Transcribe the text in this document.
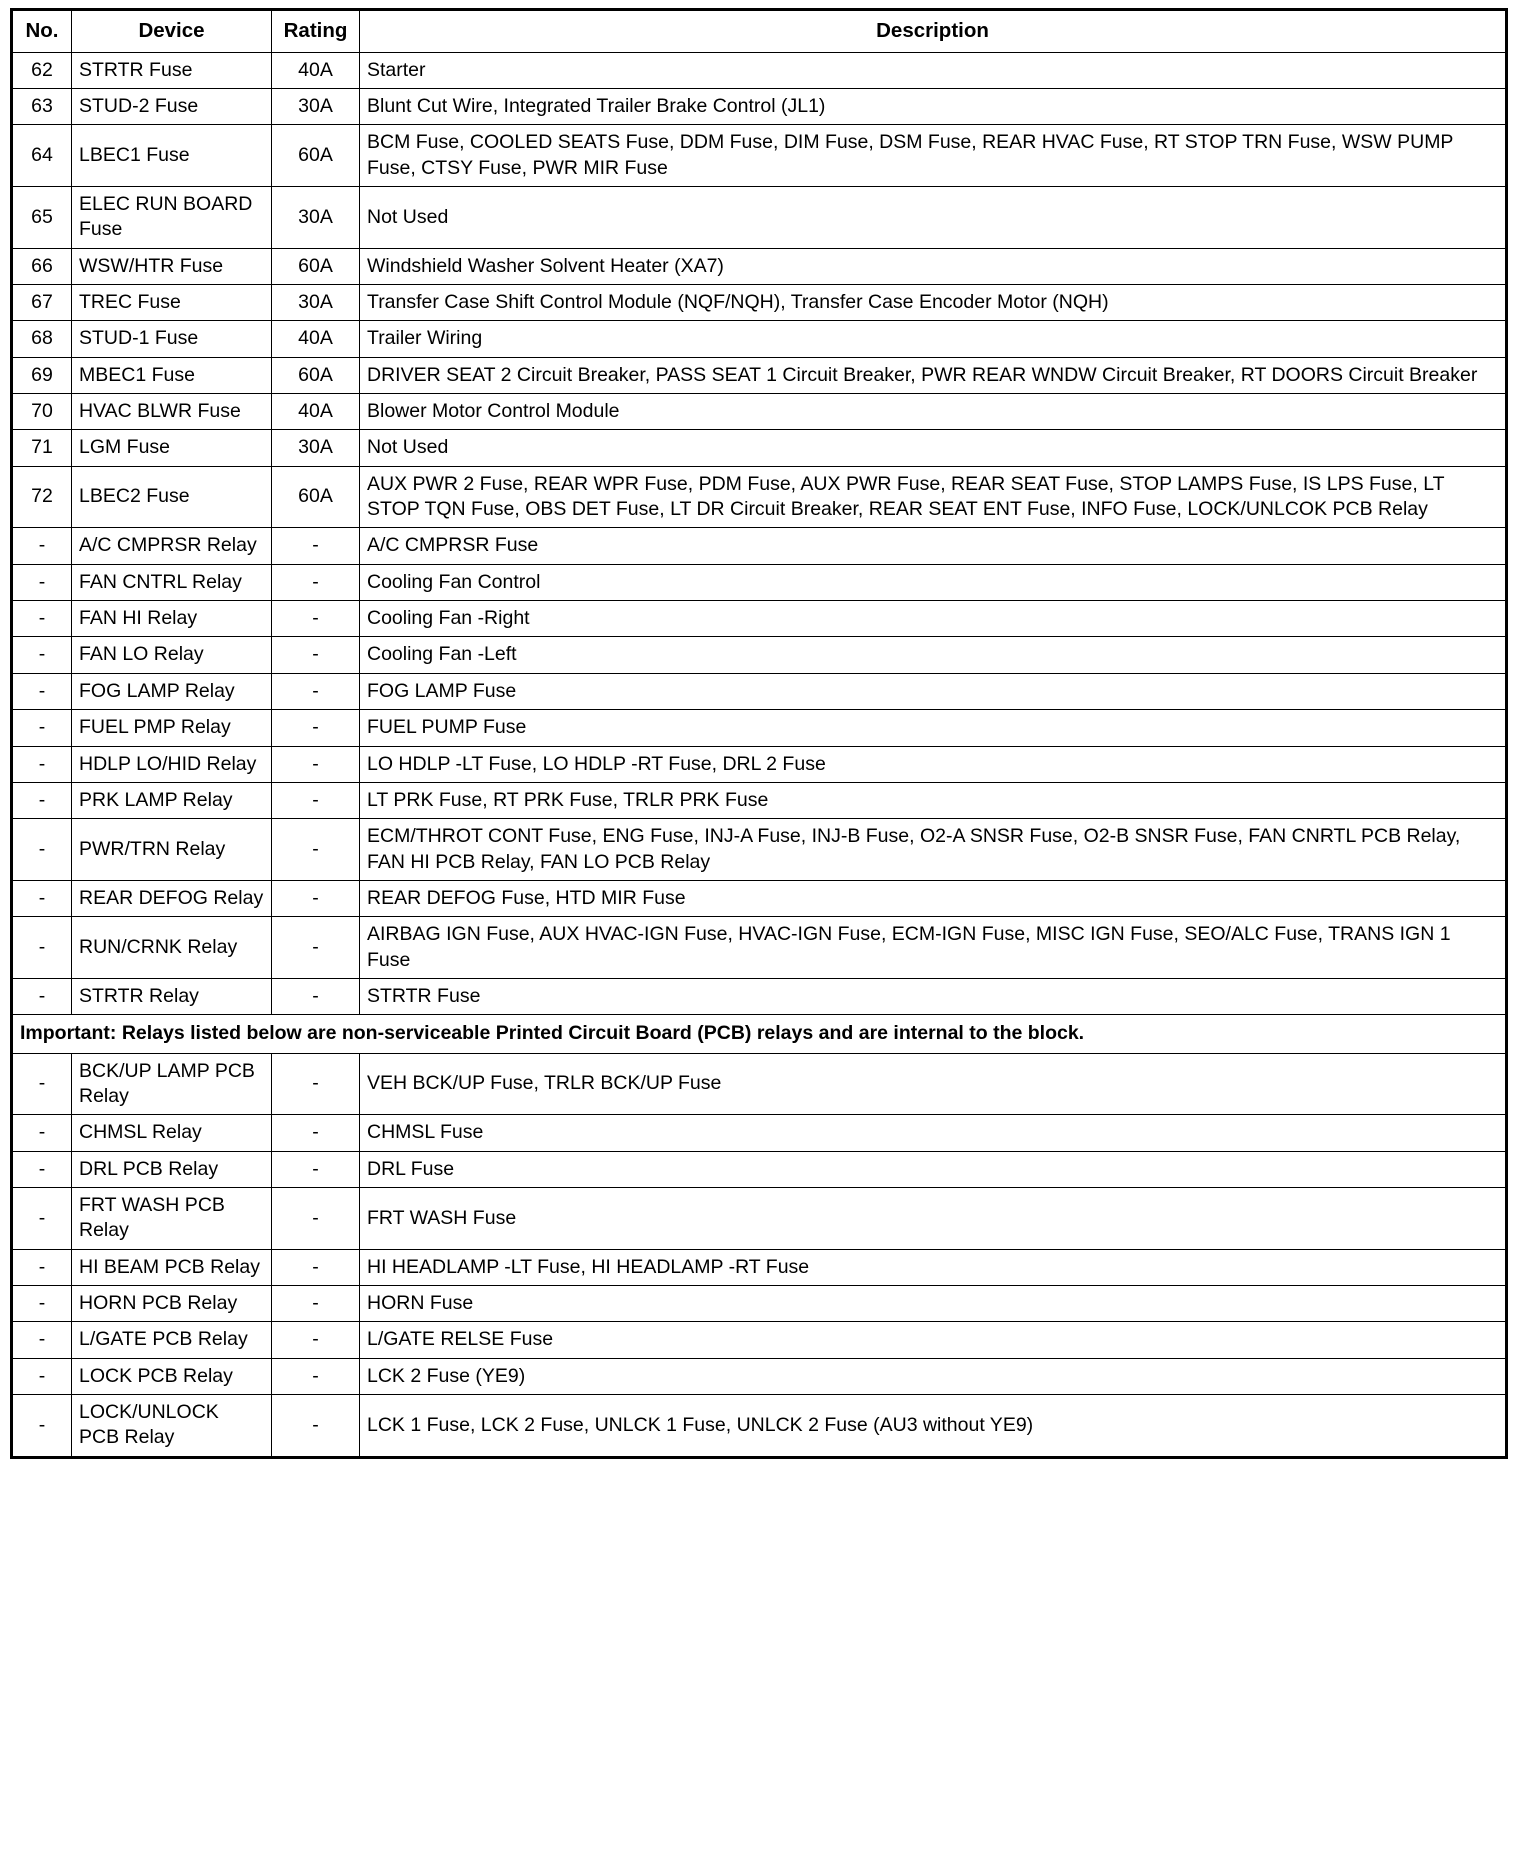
No.	Device	Rating	Description
62	STRTR Fuse	40A	Starter
63	STUD-2 Fuse	30A	Blunt Cut Wire, Integrated Trailer Brake Control (JL1)
64	LBEC1 Fuse	60A	BCM Fuse, COOLED SEATS Fuse, DDM Fuse, DIM Fuse, DSM Fuse, REAR HVAC Fuse, RT STOP TRN Fuse, WSW PUMP Fuse, CTSY Fuse, PWR MIR Fuse
65	ELEC RUN BOARD Fuse	30A	Not Used
66	WSW/HTR Fuse	60A	Windshield Washer Solvent Heater (XA7)
67	TREC Fuse	30A	Transfer Case Shift Control Module (NQF/NQH), Transfer Case Encoder Motor (NQH)
68	STUD-1 Fuse	40A	Trailer Wiring
69	MBEC1 Fuse	60A	DRIVER SEAT 2 Circuit Breaker, PASS SEAT 1 Circuit Breaker, PWR REAR WNDW Circuit Breaker, RT DOORS Circuit Breaker
70	HVAC BLWR Fuse	40A	Blower Motor Control Module
71	LGM Fuse	30A	Not Used
72	LBEC2 Fuse	60A	AUX PWR 2 Fuse, REAR WPR Fuse, PDM Fuse, AUX PWR Fuse, REAR SEAT Fuse, STOP LAMPS Fuse, IS LPS Fuse, LT STOP TQN Fuse, OBS DET Fuse, LT DR Circuit Breaker, REAR SEAT ENT Fuse, INFO Fuse, LOCK/UNLCOK PCB Relay
-	A/C CMPRSR Relay	-	A/C CMPRSR Fuse
-	FAN CNTRL Relay	-	Cooling Fan Control
-	FAN HI Relay	-	Cooling Fan -Right
-	FAN LO Relay	-	Cooling Fan -Left
-	FOG LAMP Relay	-	FOG LAMP Fuse
-	FUEL PMP Relay	-	FUEL PUMP Fuse
-	HDLP LO/HID Relay	-	LO HDLP -LT Fuse, LO HDLP -RT Fuse, DRL 2 Fuse
-	PRK LAMP Relay	-	LT PRK Fuse, RT PRK Fuse, TRLR PRK Fuse
-	PWR/TRN Relay	-	ECM/THROT CONT Fuse, ENG Fuse, INJ-A Fuse, INJ-B Fuse, O2-A SNSR Fuse, O2-B SNSR Fuse, FAN CNRTL PCB Relay, FAN HI PCB Relay, FAN LO PCB Relay
-	REAR DEFOG Relay	-	REAR DEFOG Fuse, HTD MIR Fuse
-	RUN/CRNK Relay	-	AIRBAG IGN Fuse, AUX HVAC-IGN Fuse, HVAC-IGN Fuse, ECM-IGN Fuse, MISC IGN Fuse, SEO/ALC Fuse, TRANS IGN 1 Fuse
-	STRTR Relay	-	STRTR Fuse
Important: Relays listed below are non-serviceable Printed Circuit Board (PCB) relays and are internal to the block.			
-	BCK/UP LAMP PCB Relay	-	VEH BCK/UP Fuse, TRLR BCK/UP Fuse
-	CHMSL Relay	-	CHMSL Fuse
-	DRL PCB Relay	-	DRL Fuse
-	FRT WASH PCB Relay	-	FRT WASH Fuse
-	HI BEAM PCB Relay	-	HI HEADLAMP -LT Fuse, HI HEADLAMP -RT Fuse
-	HORN PCB Relay	-	HORN Fuse
-	L/GATE PCB Relay	-	L/GATE RELSE Fuse
-	LOCK PCB Relay	-	LCK 2 Fuse (YE9)
-	LOCK/UNLOCK PCB Relay	-	LCK 1 Fuse, LCK 2 Fuse, UNLCK 1 Fuse, UNLCK 2 Fuse (AU3 without YE9)
